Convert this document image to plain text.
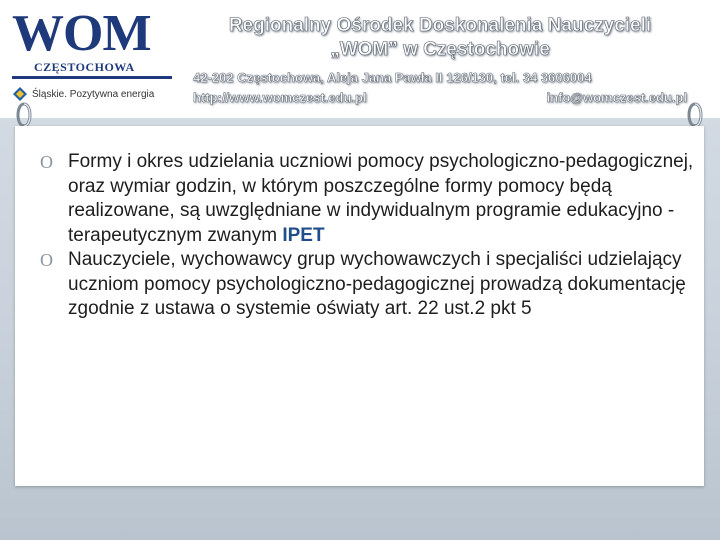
WOM
CZĘSTOCHOWA
Śląskie. Pozytywna energia
Regionalny Ośrodek Doskonalenia Nauczycieli
„WOM” w Częstochowie
42-202 Częstochowa, Aleja Jana Pawła II 126/130, tel. 34 3606004
http://www.womczest.edu.pl	info@womczest.edu.pl
O Formy i okres udzielania uczniowi pomocy psychologiczno-pedagogicznej, oraz wymiar godzin, w którym poszczególne formy pomocy będą realizowane, są uwzględniane w indywidualnym programie edukacyjno -terapeutycznym zwanym IPET
O Nauczyciele, wychowawcy grup wychowawczych i specjaliści udzielający uczniom pomocy psychologiczno-pedagogicznej prowadzą dokumentację zgodnie z ustawa o systemie oświaty art. 22 ust.2 pkt 5
